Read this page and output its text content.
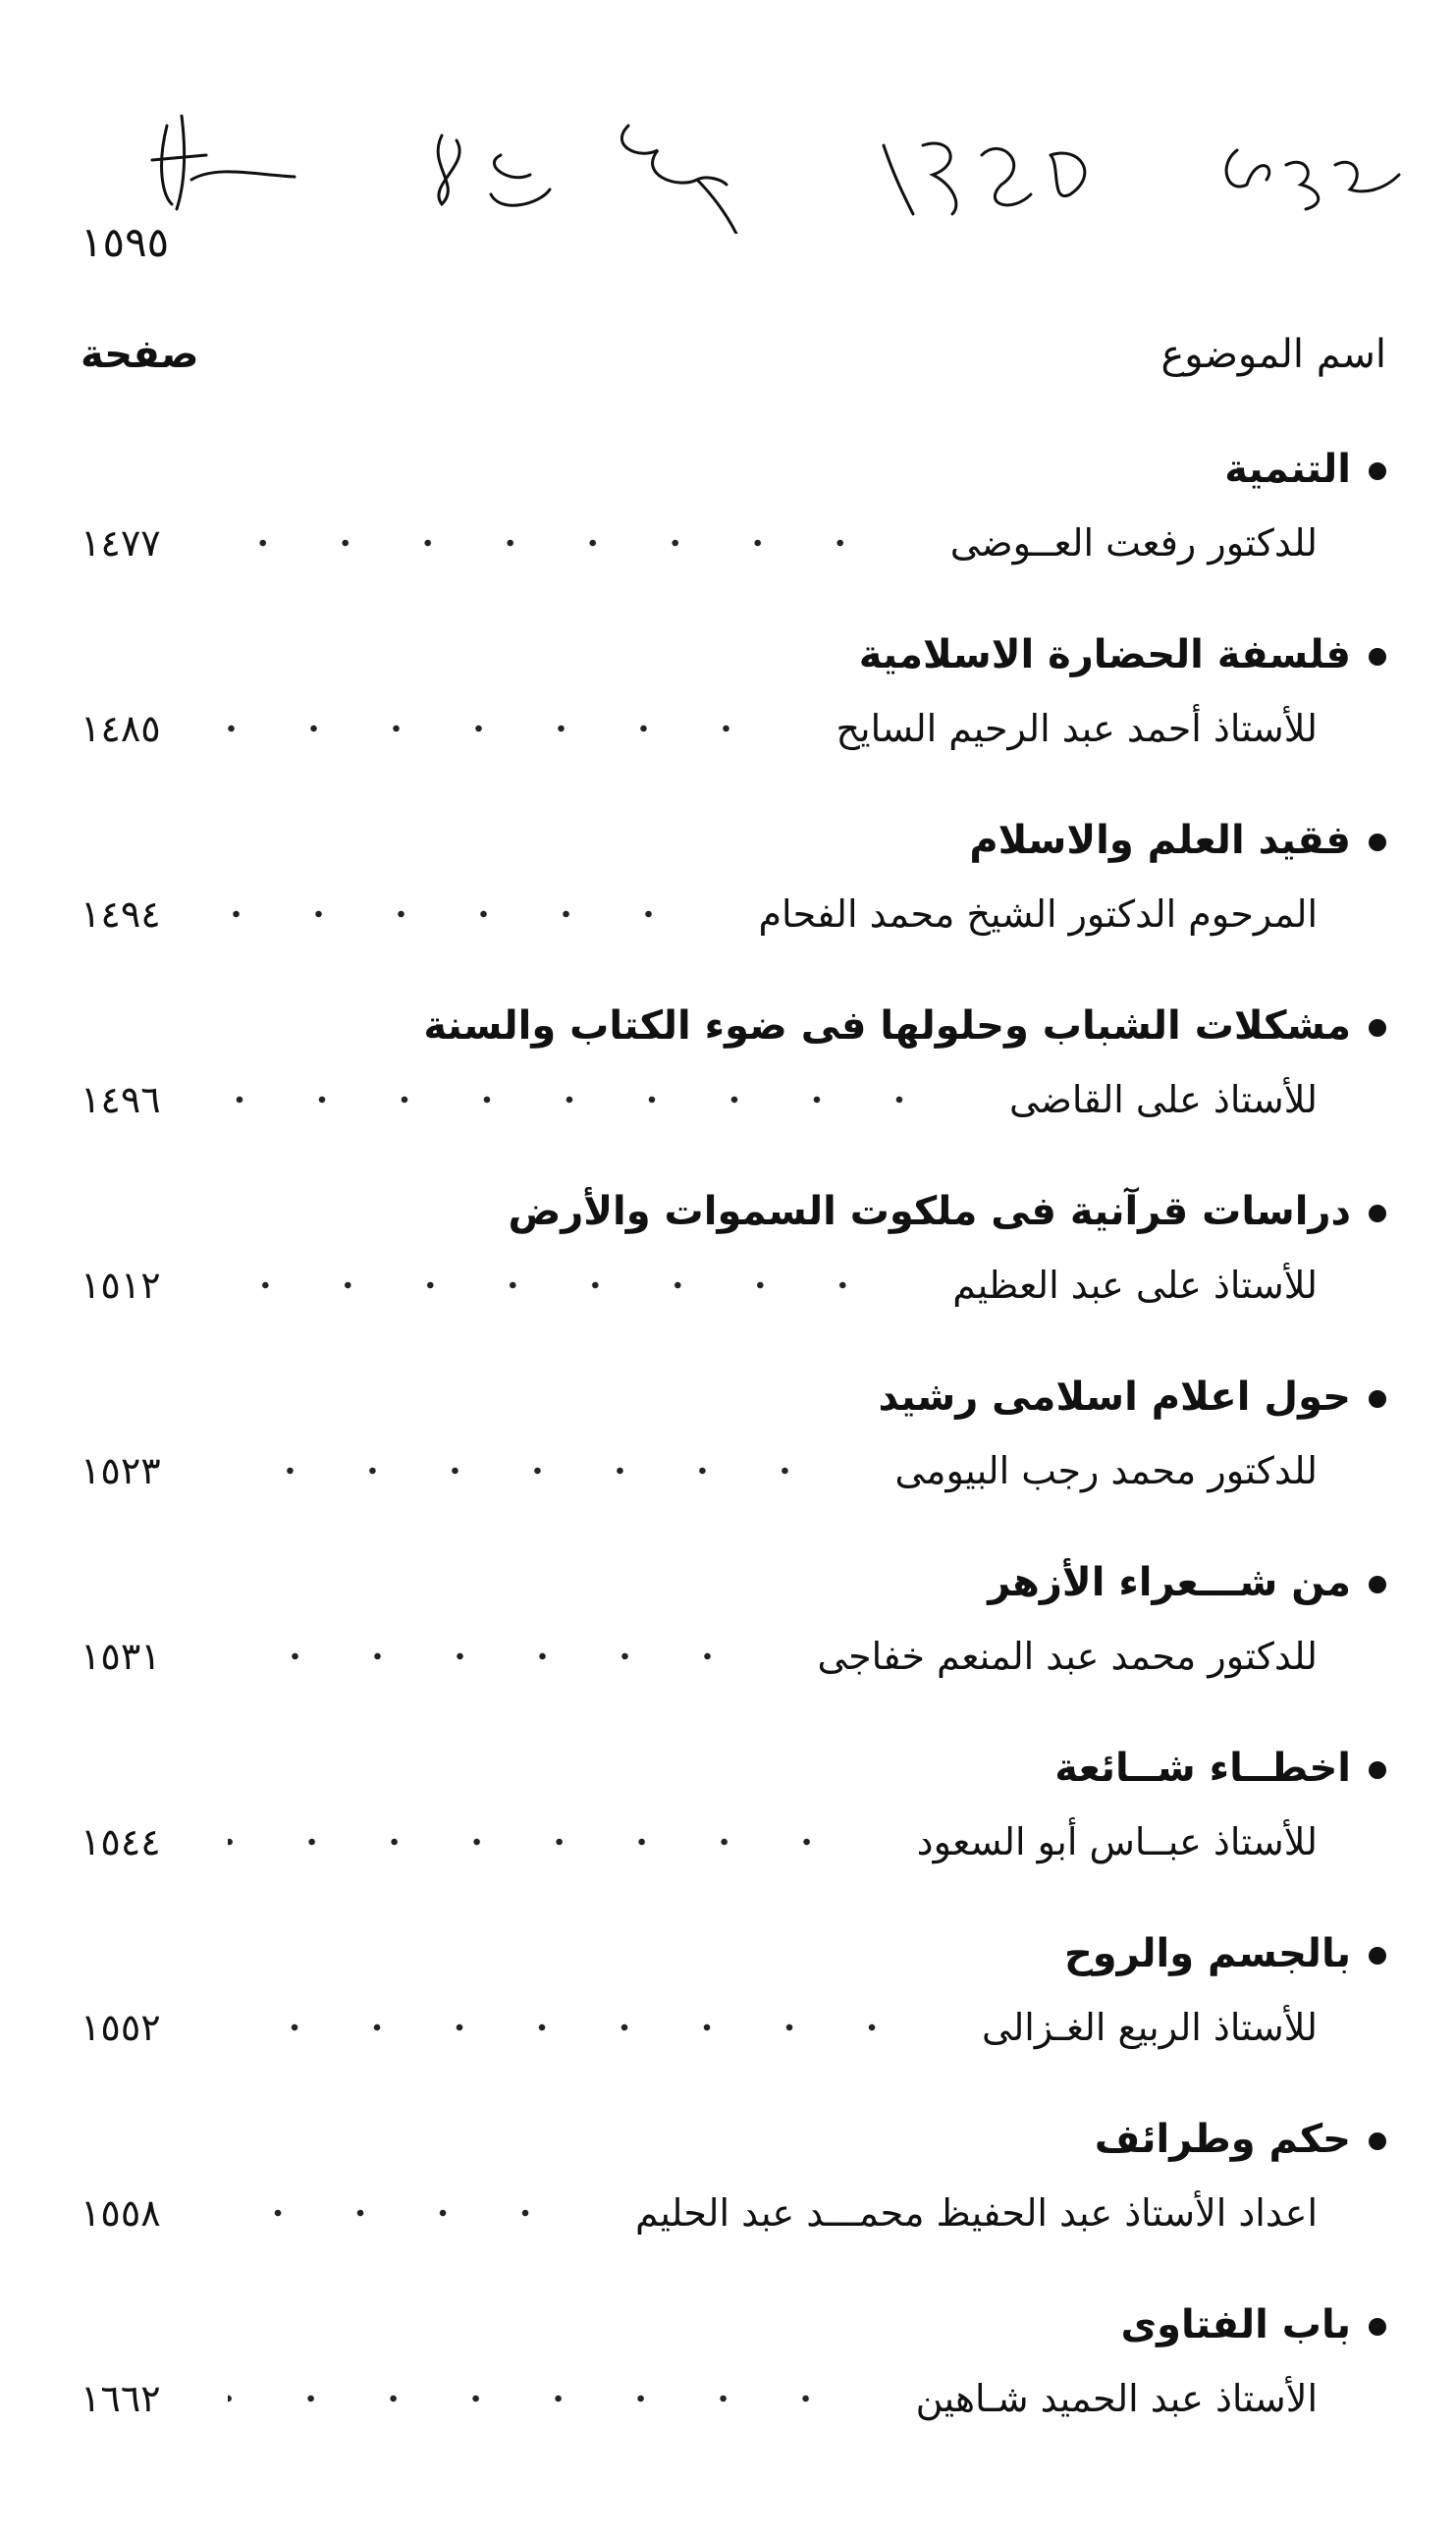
١٥٩٥
اسم الموضوع
صفحة
التنمية
للدكتور رفعت العــوضى
١٤٧٧
فلسفة الحضارة الاسلامية
للأستاذ أحمد عبد الرحيم السايح
١٤٨٥
فقيد العلم والاسلام
المرحوم الدكتور الشيخ محمد الفحام
١٤٩٤
مشكلات الشباب وحلولها فى ضوء الكتاب والسنة
للأستاذ على القاضى
١٤٩٦
دراسات قرآنية فى ملكوت السموات والأرض
للأستاذ على عبد العظيم
١٥١٢
حول اعلام اسلامى رشيد
للدكتور محمد رجب البيومى
١٥٢٣
من شـــعراء الأزهر
للدكتور محمد عبد المنعم خفاجى
١٥٣١
اخطــاء شــائعة
للأستاذ عبــاس أبو السعود
١٥٤٤
بالجسم والروح
للأستاذ الربيع الغـزالى
١٥٥٢
حكم وطرائف
اعداد الأستاذ عبد الحفيظ محمـــد عبد الحليم
١٥٥٨
باب الفتاوى
الأستاذ عبد الحميد شـاهين
١٦٦٢
